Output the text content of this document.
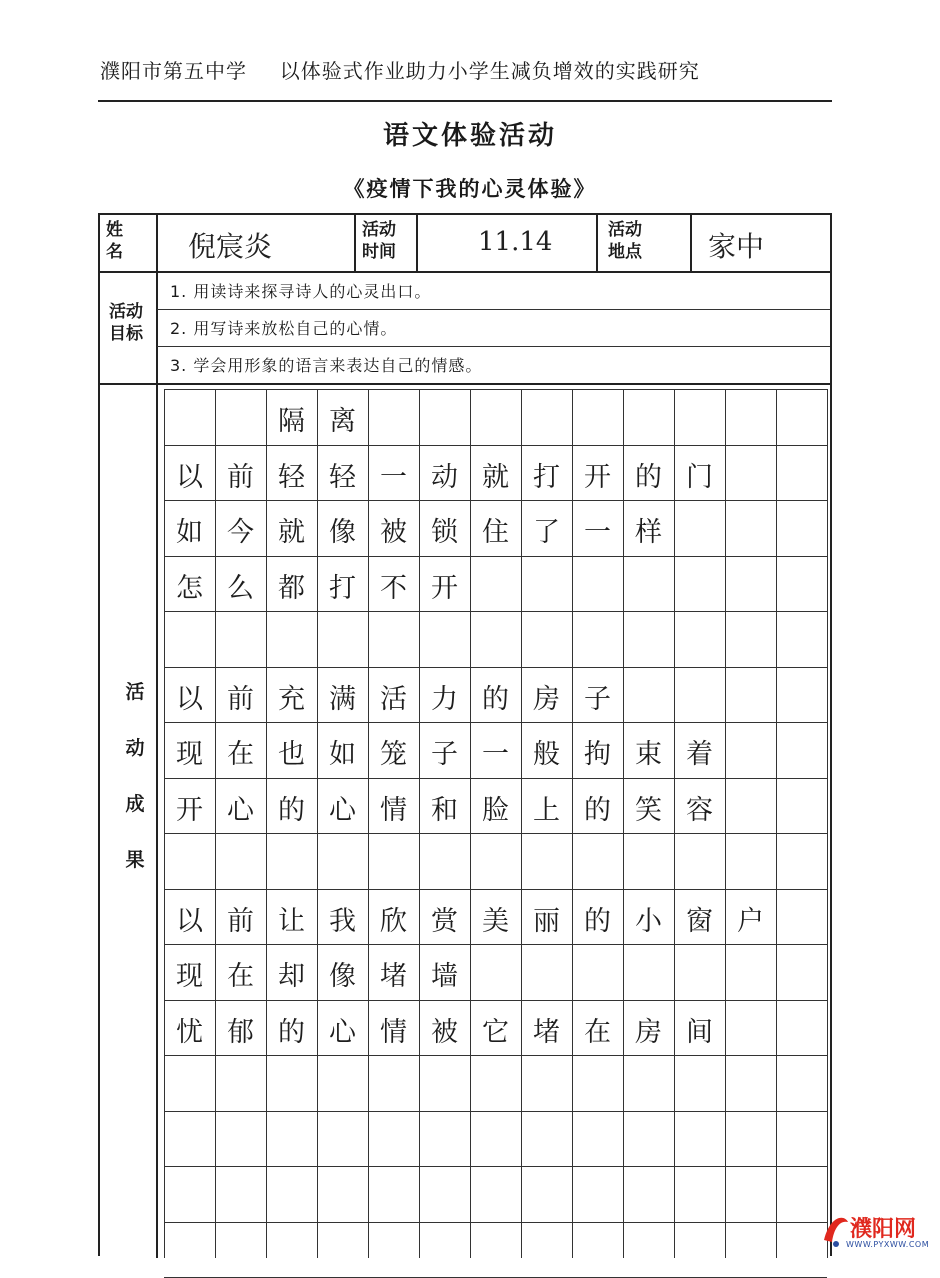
濮阳市第五中学 以体验式作业助力小学生减负增效的实践研究
语文体验活动
《疫情下我的心灵体验》
姓名 倪宸炎	活动时间	11.14	活动地点 家中
活动目标
1. 用读诗来探寻诗人的心灵出口。
2. 用写诗来放松自己的心情。
3. 学会用形象的语言来表达自己的情感。
活
动
成
果
隔 离
以 前 轻 轻 一 动 就 打 开 的 门
如 今 就 像 被 锁 住 了 一 样
怎 么 都 打 不 开
以 前 充 满 活 力 的 房 子
现 在 也 如 笼 子 一 般 拘 束 着
开 心 的 心 情 和 脸 上 的 笑 容
以 前 让 我 欣 赏 美 丽 的 小 窗 户
现 在 却 像 堵 墙
忧 郁 的 心 情 被 它 堵 在 房 间
濮阳网
WWW.PYXWW.COM
